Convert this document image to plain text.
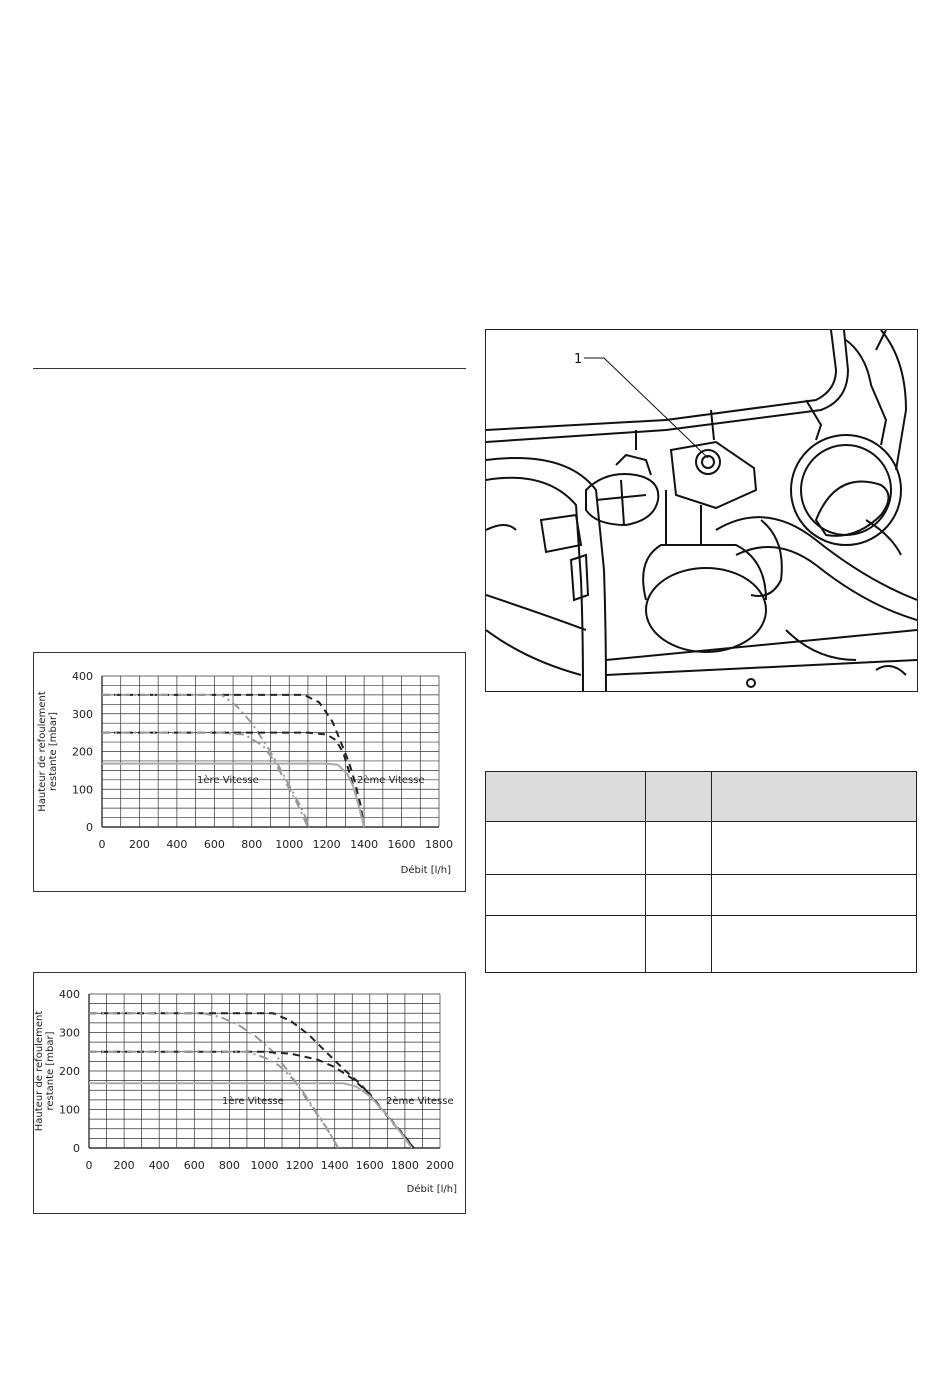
0 200 400 600 800 1000 1200 1400 1600 1800
0
100
200
300
400
Débit [l/h]
Hauteur de refoulementrestante [mbar]	1ère Vitesse	2ème Vitesse
0 200 400 600 800 1000 1200 1400 1600 1800 2000
0
100
200
300
400
Débit [l/h]
Hauteur de refoulementrestante [mbar]	1ère Vitesse	2ème Vitesse
1
